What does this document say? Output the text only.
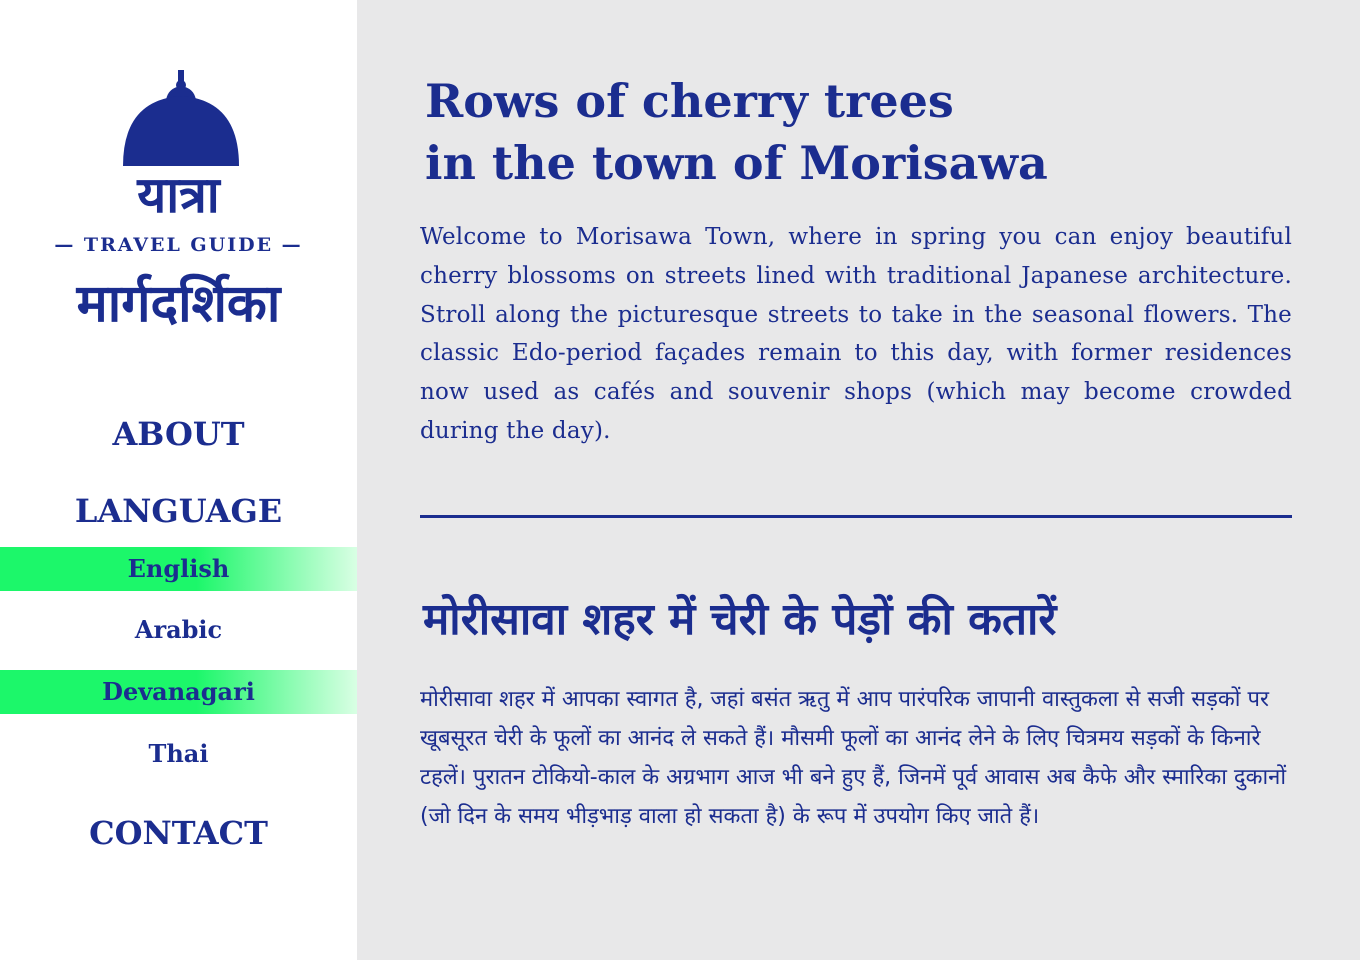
यात्रा
— TRAVEL GUIDE —
मार्गदर्शिका
ABOUT
LANGUAGE
English
Arabic
Devanagari
Thai
CONTACT
Rows of cherry trees
in the town of Morisawa

Welcome to Morisawa Town, where in spring you can enjoy beautiful cherry blossoms on streets lined with traditional Japanese architecture. Stroll along the picturesque streets to take in the seasonal flowers. The classic Edo-period façades remain to this day, with former residences now used as cafés and souvenir shops (which may become crowded during the day).

मोरीसावा शहर में चेरी के पेड़ों की कतारें

मोरीसावा शहर में आपका स्वागत है, जहां बसंत ऋतु में आप पारंपरिक जापानी वास्तुकला से सजी सड़कों पर खूबसूरत चेरी के फूलों का आनंद ले सकते हैं। मौसमी फूलों का आनंद लेने के लिए चित्रमय सड़कों के किनारे टहलें। पुरातन टोकियो-काल के अग्रभाग आज भी बने हुए हैं, जिनमें पूर्व आवास अब कैफे और स्मारिका दुकानों (जो दिन के समय भीड़भाड़ वाला हो सकता है) के रूप में उपयोग किए जाते हैं।
